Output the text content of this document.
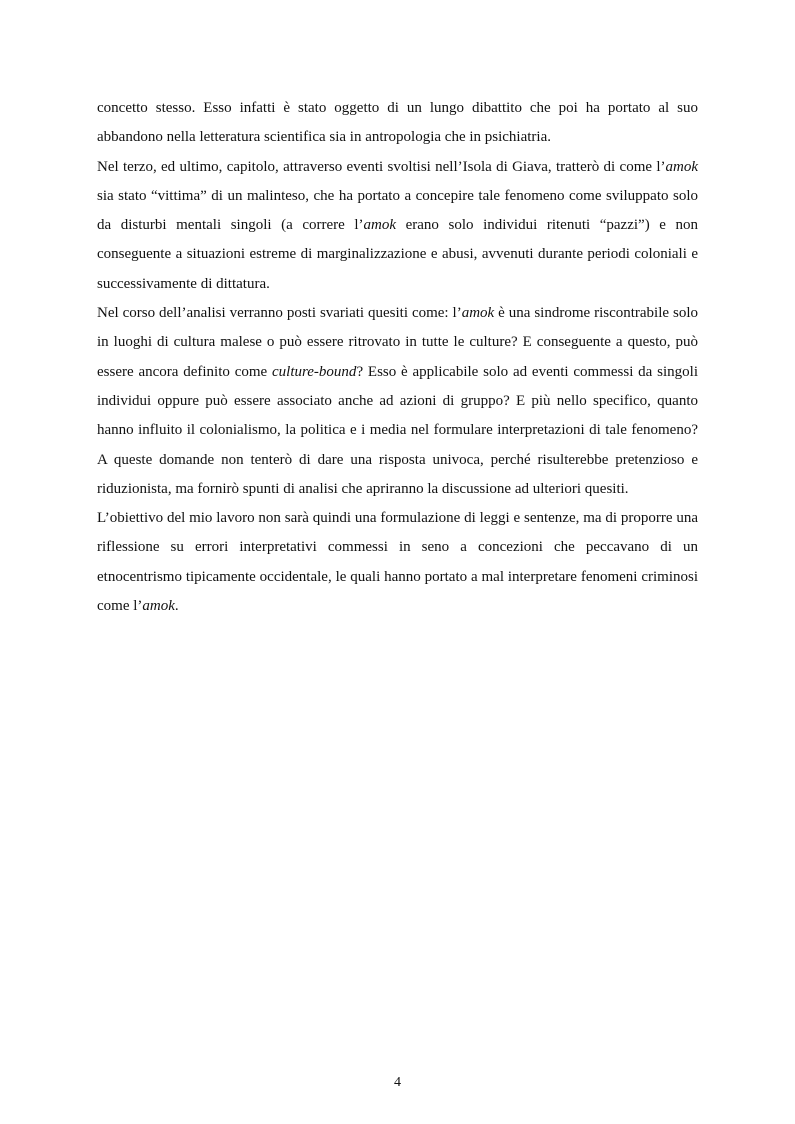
concetto stesso. Esso infatti è stato oggetto di un lungo dibattito che poi ha portato al suo abbandono nella letteratura scientifica sia in antropologia che in psichiatria.

Nel terzo, ed ultimo, capitolo, attraverso eventi svoltisi nell’Isola di Giava, tratterò di come l’amok sia stato “vittima” di un malinteso, che ha portato a concepire tale fenomeno come sviluppato solo da disturbi mentali singoli (a correre l’amok erano solo individui ritenuti “pazzi”) e non conseguente a situazioni estreme di marginalizzazione e abusi, avvenuti durante periodi coloniali e successivamente di dittatura.

Nel corso dell’analisi verranno posti svariati quesiti come: l’amok è una sindrome riscontrabile solo in luoghi di cultura malese o può essere ritrovato in tutte le culture? E conseguente a questo, può essere ancora definito come culture-bound? Esso è applicabile solo ad eventi commessi da singoli individui oppure può essere associato anche ad azioni di gruppo? E più nello specifico, quanto hanno influito il colonialismo, la politica e i media nel formulare interpretazioni di tale fenomeno? A queste domande non tenterò di dare una risposta univoca, perché risulterebbe pretenzioso e riduzionista, ma fornirò spunti di analisi che apriranno la discussione ad ulteriori quesiti.

L’obiettivo del mio lavoro non sarà quindi una formulazione di leggi e sentenze, ma di proporre una riflessione su errori interpretativi commessi in seno a concezioni che peccavano di un etnocentrismo tipicamente occidentale, le quali hanno portato a mal interpretare fenomeni criminosi come l’amok.

4
